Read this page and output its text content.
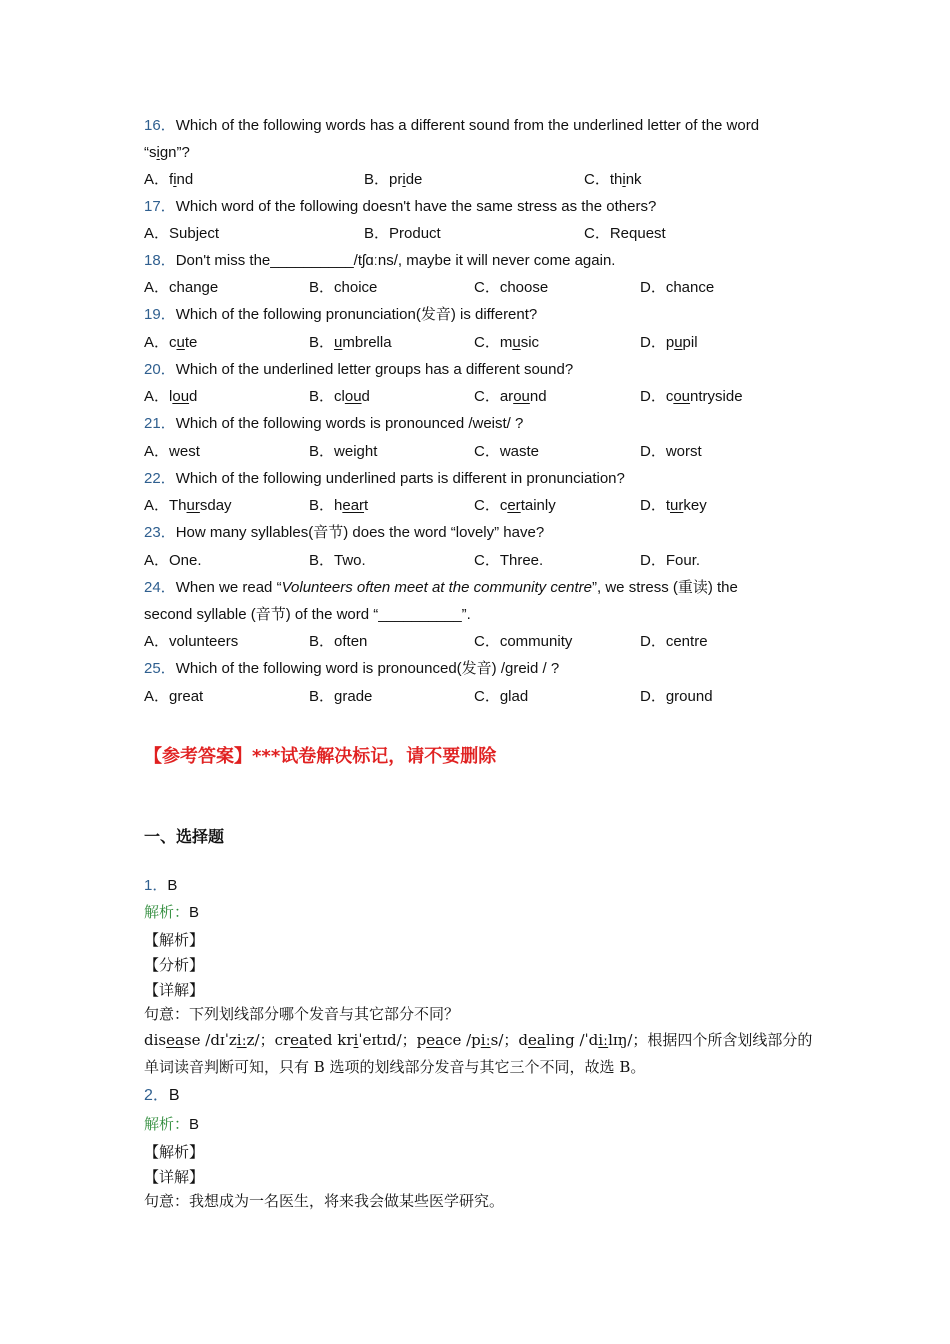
16．Which of the following words has a different sound from the underlined letter of the word
“sign”?
A．find	B．pride	C．think
17．Which word of the following doesn't have the same stress as the others?
A．Subject	B．Product	C．Request
18．Don't miss the__________/tʃɑːns/, maybe it will never come again.
A．change	B．choice	C．choose	D．chance
19．Which of the following pronunciation(发音) is different?
A．cute	B．umbrella	C．music	D．pupil
20．Which of the underlined letter groups has a different sound?
A．loud	B．cloud	C．around	D．countryside
21．Which of the following words is pronounced /weist/ ?
A．west	B．weight	C．waste	D．worst
22．Which of the following underlined parts is different in pronunciation?
A．Thursday	B．heart	C．certainly	D．turkey
23．How many syllables(音节) does the word “lovely” have?
A．One.	B．Two.	C．Three.	D．Four.
24．When we read “Volunteers often meet at the community centre”, we stress (重读) the
second syllable (音节) of the word “__________”.
A．volunteers	B．often	C．community	D．centre
25．Which of the following word is pronounced(发音) /greid / ?
A．great	B．grade	C．glad	D．ground
【参考答案】***试卷解决标记，请不要删除
一、选择题
1．B
解析：B
【解析】
【分析】
【详解】
句意：下列划线部分哪个发音与其它部分不同？
disease /dɪˈziːz/；created kriˈeɪtɪd/；peace /piːs/；dealing /ˈdiːlɪŋ/；根据四个所含划线部分的
单词读音判断可知，只有 B 选项的划线部分发音与其它三个不同，故选 B。
2．B
解析：B
【解析】
【详解】
句意：我想成为一名医生，将来我会做某些医学研究。
